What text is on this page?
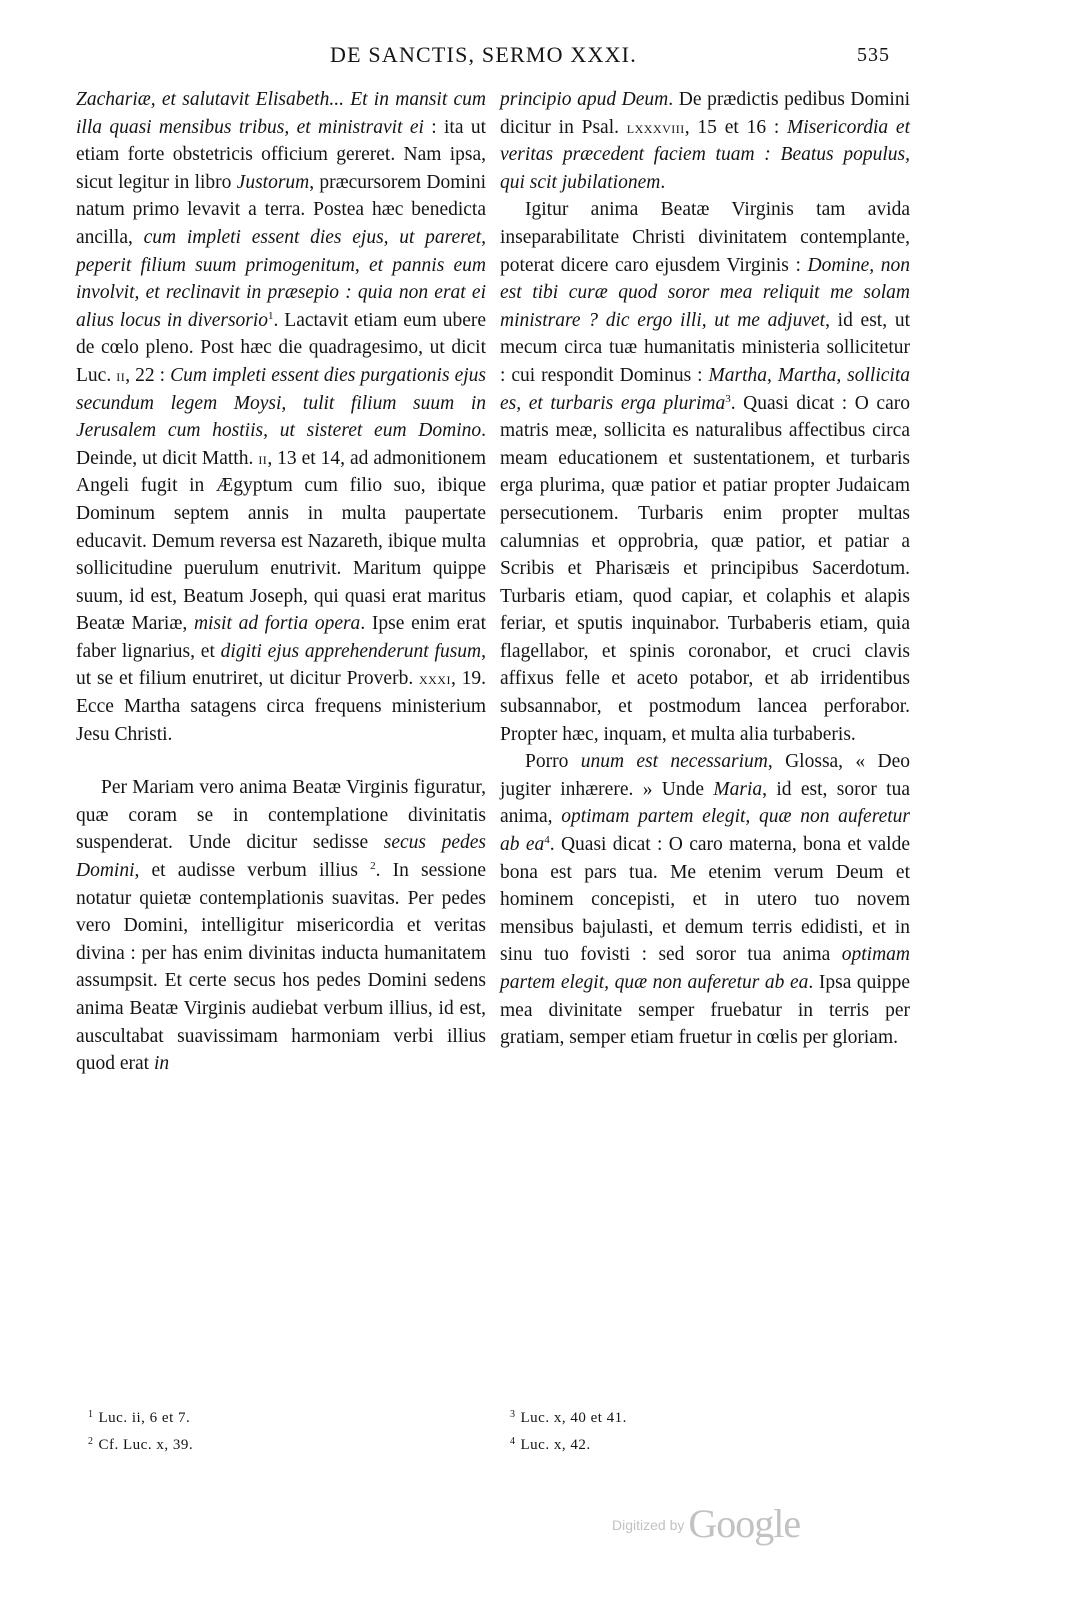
DE SANCTIS, SERMO XXXI.	535

Zachariæ, et salutavit Elisabeth... Et in mansit cum illa quasi mensibus tribus, et ministravit ei : ita ut etiam forte obstetricis officium gereret. Nam ipsa, sicut legitur in libro Justorum, præcursorem Domini natum primo levavit a terra. Postea hæc benedicta ancilla, cum impleti essent dies ejus, ut pareret, peperit filium suum primogenitum, et pannis eum involvit, et reclinavit in præsepio : quia non erat ei alius locus in diversorio$^1$. Lactavit etiam eum ubere de cœlo pleno. Post hæc die quadragesimo, ut dicit Luc. ii, 22 : Cum impleti essent dies purgationis ejus secundum legem Moysi, tulit filium suum in Jerusalem cum hostiis, ut sisteret eum Domino. Deinde, ut dicit Matth. ii, 13 et 14, ad admonitionem Angeli fugit in Ægyptum cum filio suo, ibique Dominum septem annis in multa paupertate educavit. Demum reversa est Nazareth, ibique multa sollicitudine puerulum enutrivit. Maritum quippe suum, id est, Beatum Joseph, qui quasi erat maritus Beatæ Mariæ, misit ad fortia opera. Ipse enim erat faber lignarius, et digiti ejus apprehenderunt fusum, ut se et filium enutriret, ut dicitur Proverb. xxxi, 19. Ecce Martha satagens circa frequens ministerium Jesu Christi.

Per Mariam vero anima Beatæ Virginis figuratur, quæ coram se in contemplatione divinitatis suspenderat. Unde dicitur sedisse secus pedes Domini, et audisse verbum illius $^2$. In sessione notatur quietæ contemplationis suavitas. Per pedes vero Domini, intelligitur misericordia et veritas divina : per has enim divinitas inducta humanitatem assumpsit. Et certe secus hos pedes Domini sedens anima Beatæ Virginis audiebat verbum illius, id est, auscultabat suavissimam harmoniam verbi illius quod erat in

principio apud Deum. De prædictis pedibus Domini dicitur in Psal. lxxxviii, 15 et 16 : Misericordia et veritas præcedent faciem tuam : Beatus populus, qui scit jubilationem.

Igitur anima Beatæ Virginis tam avida inseparabilitate Christi divinitatem contemplante, poterat dicere caro ejusdem Virginis : Domine, non est tibi curæ quod soror mea reliquit me solam ministrare ? dic ergo illi, ut me adjuvet, id est, ut mecum circa tuæ humanitatis ministeria sollicitetur : cui respondit Dominus : Martha, Martha, sollicita es, et turbaris erga plurima$^3$. Quasi dicat : O caro matris meæ, sollicita es naturalibus affectibus circa meam educationem et sustentationem, et turbaris erga plurima, quæ patior et patiar propter Judaicam persecutionem. Turbaris enim propter multas calumnias et opprobria, quæ patior, et patiar a Scribis et Pharisæis et principibus Sacerdotum. Turbaris etiam, quod capiar, et colaphis et alapis feriar, et sputis inquinabor. Turbaberis etiam, quia flagellabor, et spinis coronabor, et cruci clavis affixus felle et aceto potabor, et ab irridentibus subsannabor, et postmodum lancea perforabor. Propter hæc, inquam, et multa alia turbaberis.

Porro unum est necessarium, Glossa, « Deo jugiter inhærere. » Unde Maria, id est, soror tua anima, optimam partem elegit, quæ non auferetur ab $ea^4$. Quasi dicat : O caro materna, bona et valde bona est pars tua. Me etenim verum Deum et hominem concepisti, et in utero tuo novem mensibus bajulasti, et demum terris edidisti, et in sinu tuo fovisti : sed soror tua anima optimam partem elegit, quæ non auferetur ab ea. Ipsa quippe mea divinitate semper fruebatur in terris per gratiam, semper etiam fruetur in cœlis per gloriam.

$^1$ Luc. ii, 6 et 7.
$^2$ Cf. Luc. x, 39.
$^3$ Luc. x, 40 et 41.
$^4$ Luc. x, 42.
Digitized by Google
